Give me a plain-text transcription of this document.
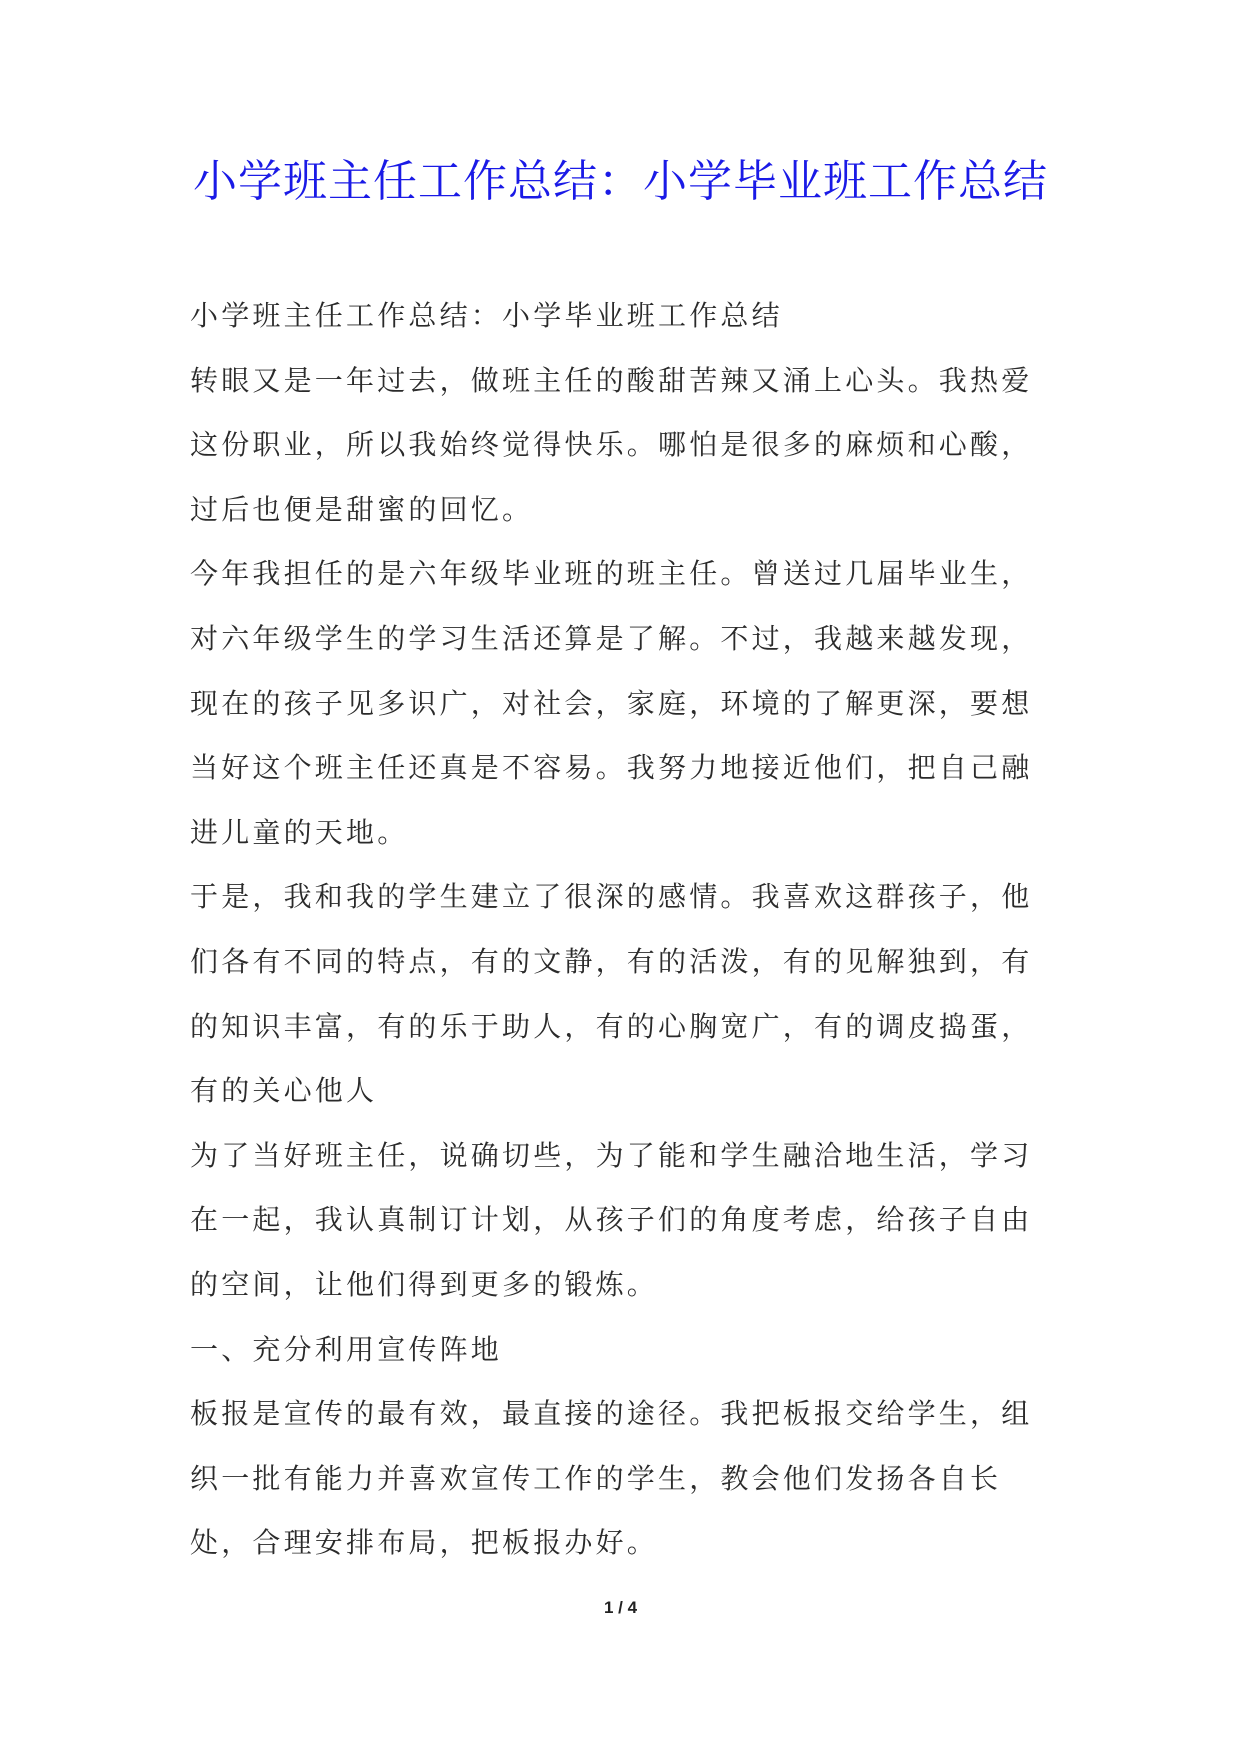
小学班主任工作总结：小学毕业班工作总结

小学班主任工作总结：小学毕业班工作总结

转眼又是一年过去，做班主任的酸甜苦辣又涌上心头。我热爱这份职业，所以我始终觉得快乐。哪怕是很多的麻烦和心酸，过后也便是甜蜜的回忆。

今年我担任的是六年级毕业班的班主任。曾送过几届毕业生，对六年级学生的学习生活还算是了解。不过，我越来越发现，现在的孩子见多识广，对社会，家庭，环境的了解更深，要想当好这个班主任还真是不容易。我努力地接近他们，把自己融进儿童的天地。

于是，我和我的学生建立了很深的感情。我喜欢这群孩子，他们各有不同的特点，有的文静，有的活泼，有的见解独到，有的知识丰富，有的乐于助人，有的心胸宽广，有的调皮捣蛋，有的关心他人

为了当好班主任，说确切些，为了能和学生融洽地生活，学习在一起，我认真制订计划，从孩子们的角度考虑，给孩子自由的空间，让他们得到更多的锻炼。

一、充分利用宣传阵地

板报是宣传的最有效，最直接的途径。我把板报交给学生，组织一批有能力并喜欢宣传工作的学生，教会他们发扬各自长处，合理安排布局，把板报办好。

1 / 4
